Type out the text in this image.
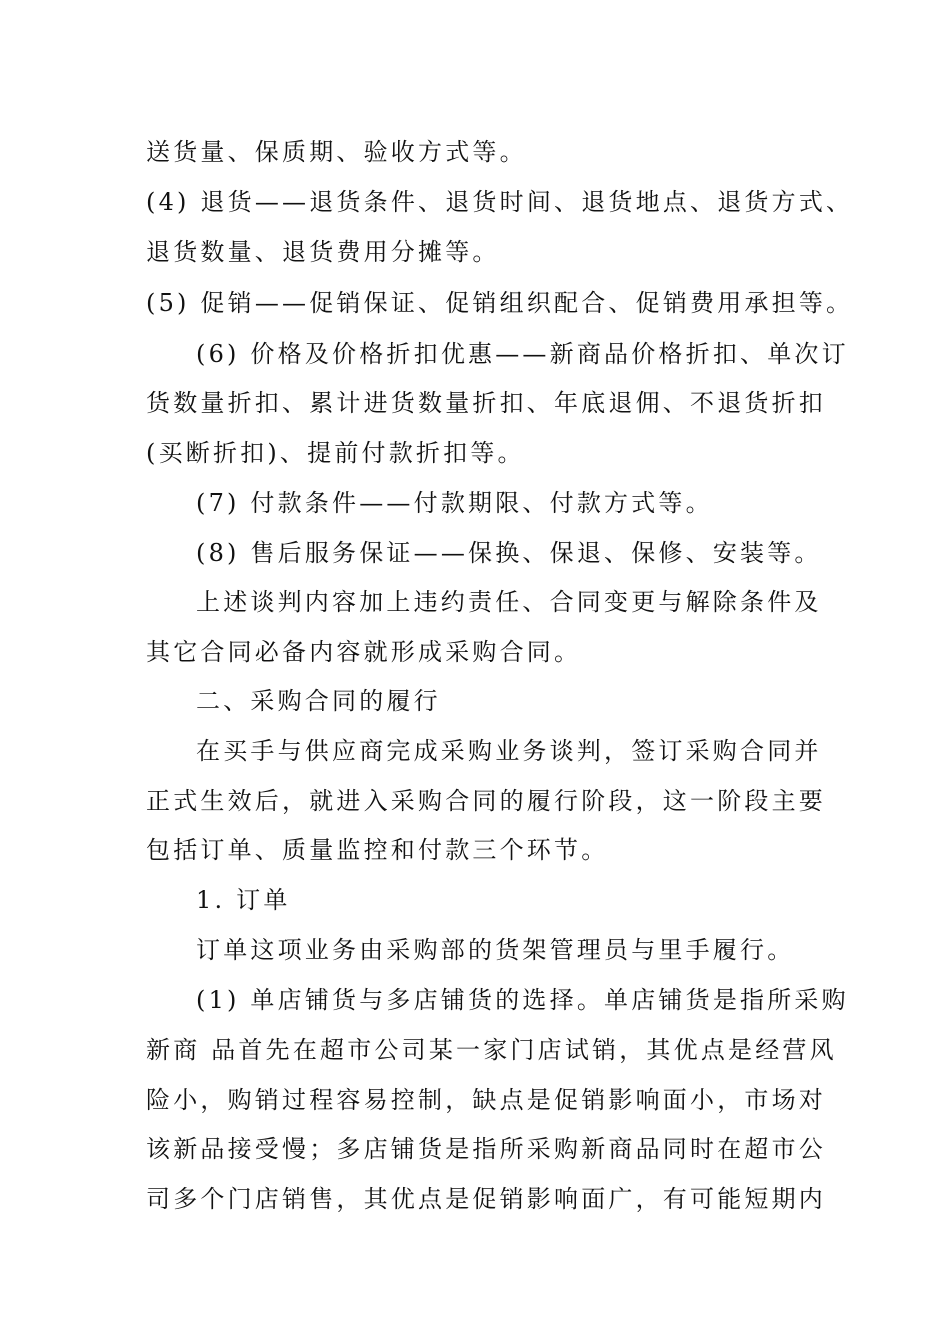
送货量、保质期、验收方式等。
(4) 退货——退货条件、退货时间、退货地点、退货方式、
退货数量、退货费用分摊等。
(5) 促销——促销保证、促销组织配合、促销费用承担等。
(6) 价格及价格折扣优惠——新商品价格折扣、单次订
货数量折扣、累计进货数量折扣、年底退佣、不退货折扣
(买断折扣)、提前付款折扣等。
(7) 付款条件——付款期限、付款方式等。
(8) 售后服务保证——保换、保退、保修、安装等。
上述谈判内容加上违约责任、合同变更与解除条件及
其它合同必备内容就形成采购合同。
二、采购合同的履行
在买手与供应商完成采购业务谈判，签订采购合同并
正式生效后，就进入采购合同的履行阶段，这一阶段主要
包括订单、质量监控和付款三个环节。
1. 订单
订单这项业务由采购部的货架管理员与里手履行。
(1) 单店铺货与多店铺货的选择。单店铺货是指所采购
新商 品首先在超市公司某一家门店试销，其优点是经营风
险小，购销过程容易控制，缺点是促销影响面小，市场对
该新品接受慢；多店铺货是指所采购新商品同时在超市公
司多个门店销售，其优点是促销影响面广，有可能短期内
